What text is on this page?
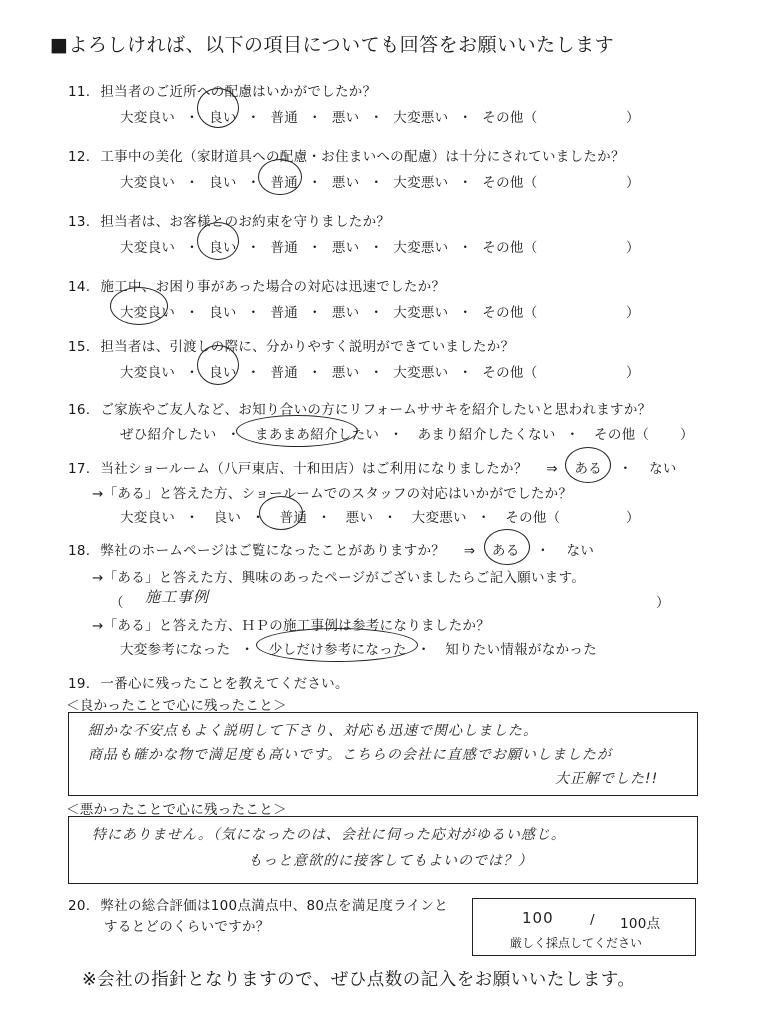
■よろしければ、以下の項目についても回答をお願いいたします
11. 担当者のご近所への配慮はいかがでしたか？
大変良い ・ 良い ・ 普通 ・ 悪い ・ 大変悪い ・ その他（	）
12. 工事中の美化（家財道具への配慮・お住まいへの配慮）は十分にされていましたか？
大変良い ・ 良い ・ 普通 ・ 悪い ・ 大変悪い ・ その他（	）
13. 担当者は、お客様とのお約束を守りましたか？
大変良い ・ 良い ・ 普通 ・ 悪い ・ 大変悪い ・ その他（	）
14. 施工中、お困り事があった場合の対応は迅速でしたか？
大変良い ・ 良い ・ 普通 ・ 悪い ・ 大変悪い ・ その他（	）
15. 担当者は、引渡しの際に、分かりやすく説明ができていましたか？
大変良い ・ 良い ・ 普通 ・ 悪い ・ 大変悪い ・ その他（	）
16. ご家族やご友人など、お知り合いの方にリフォームササキを紹介したいと思われますか？
ぜひ紹介したい ・ まあまあ紹介したい ・ あまり紹介したくない ・ その他（ ）
17. 当社ショールーム（八戸東店、十和田店）はご利用になりましたか？ ⇒ ある ・ ない
→「ある」と答えた方、ショールームでのスタッフの対応はいかがでしたか？
大変良い ・ 良い ・ 普通 ・ 悪い ・ 大変悪い ・ その他（	）
18. 弊社のホームページはご覧になったことがありますか？ ⇒ ある ・ ない
→「ある」と答えた方、興味のあったページがございましたらご記入願います。
（ 施工事例	）
→「ある」と答えた方、ＨＰの施工事例は参考になりましたか？
大変参考になった ・ 少しだけ参考になった ・ 知りたい情報がなかった
19. 一番心に残ったことを教えてください。
＜良かったことで心に残ったこと＞
細かな不安点もよく説明して下さり、対応も迅速で関心しました。
商品も確かな物で満足度も高いです。こちらの会社に直感でお願いしましたが
大正解でした!!
＜悪かったことで心に残ったこと＞
特にありません。（気になったのは、会社に伺った応対がゆるい感じ。
もっと意欲的に接客してもよいのでは？）
20. 弊社の総合評価は100点満点中、80点を満足度ラインと
するとどのくらいですか？	100	/ 100点
厳しく採点してください
※会社の指針となりますので、ぜひ点数の記入をお願いいたします。
